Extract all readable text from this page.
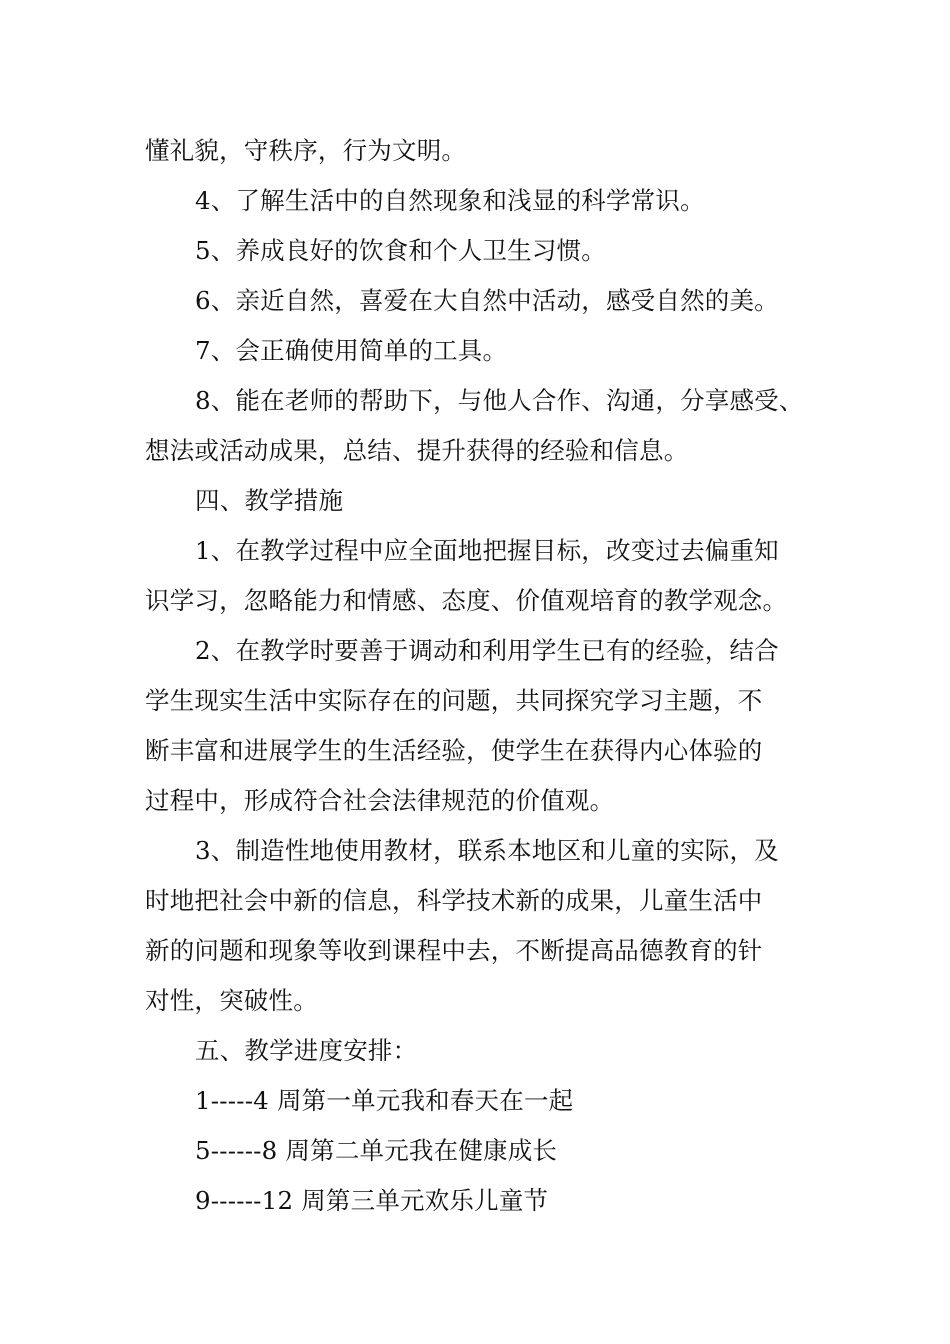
懂礼貌，守秩序，行为文明。
4、了解生活中的自然现象和浅显的科学常识。
5、养成良好的饮食和个人卫生习惯。
6、亲近自然，喜爱在大自然中活动，感受自然的美。
7、会正确使用简单的工具。
8、能在老师的帮助下，与他人合作、沟通，分享感受、
想法或活动成果，总结、提升获得的经验和信息。
四、教学措施
1、在教学过程中应全面地把握目标，改变过去偏重知
识学习，忽略能力和情感、态度、价值观培育的教学观念。
2、在教学时要善于调动和利用学生已有的经验，结合
学生现实生活中实际存在的问题，共同探究学习主题，不
断丰富和进展学生的生活经验，使学生在获得内心体验的
过程中，形成符合社会法律规范的价值观。
3、制造性地使用教材，联系本地区和儿童的实际，及
时地把社会中新的信息，科学技术新的成果，儿童生活中
新的问题和现象等收到课程中去，不断提高品德教育的针
对性，突破性。
五、教学进度安排：
1-----4 周第一单元我和春天在一起
5------8 周第二单元我在健康成长
9------12 周第三单元欢乐儿童节
